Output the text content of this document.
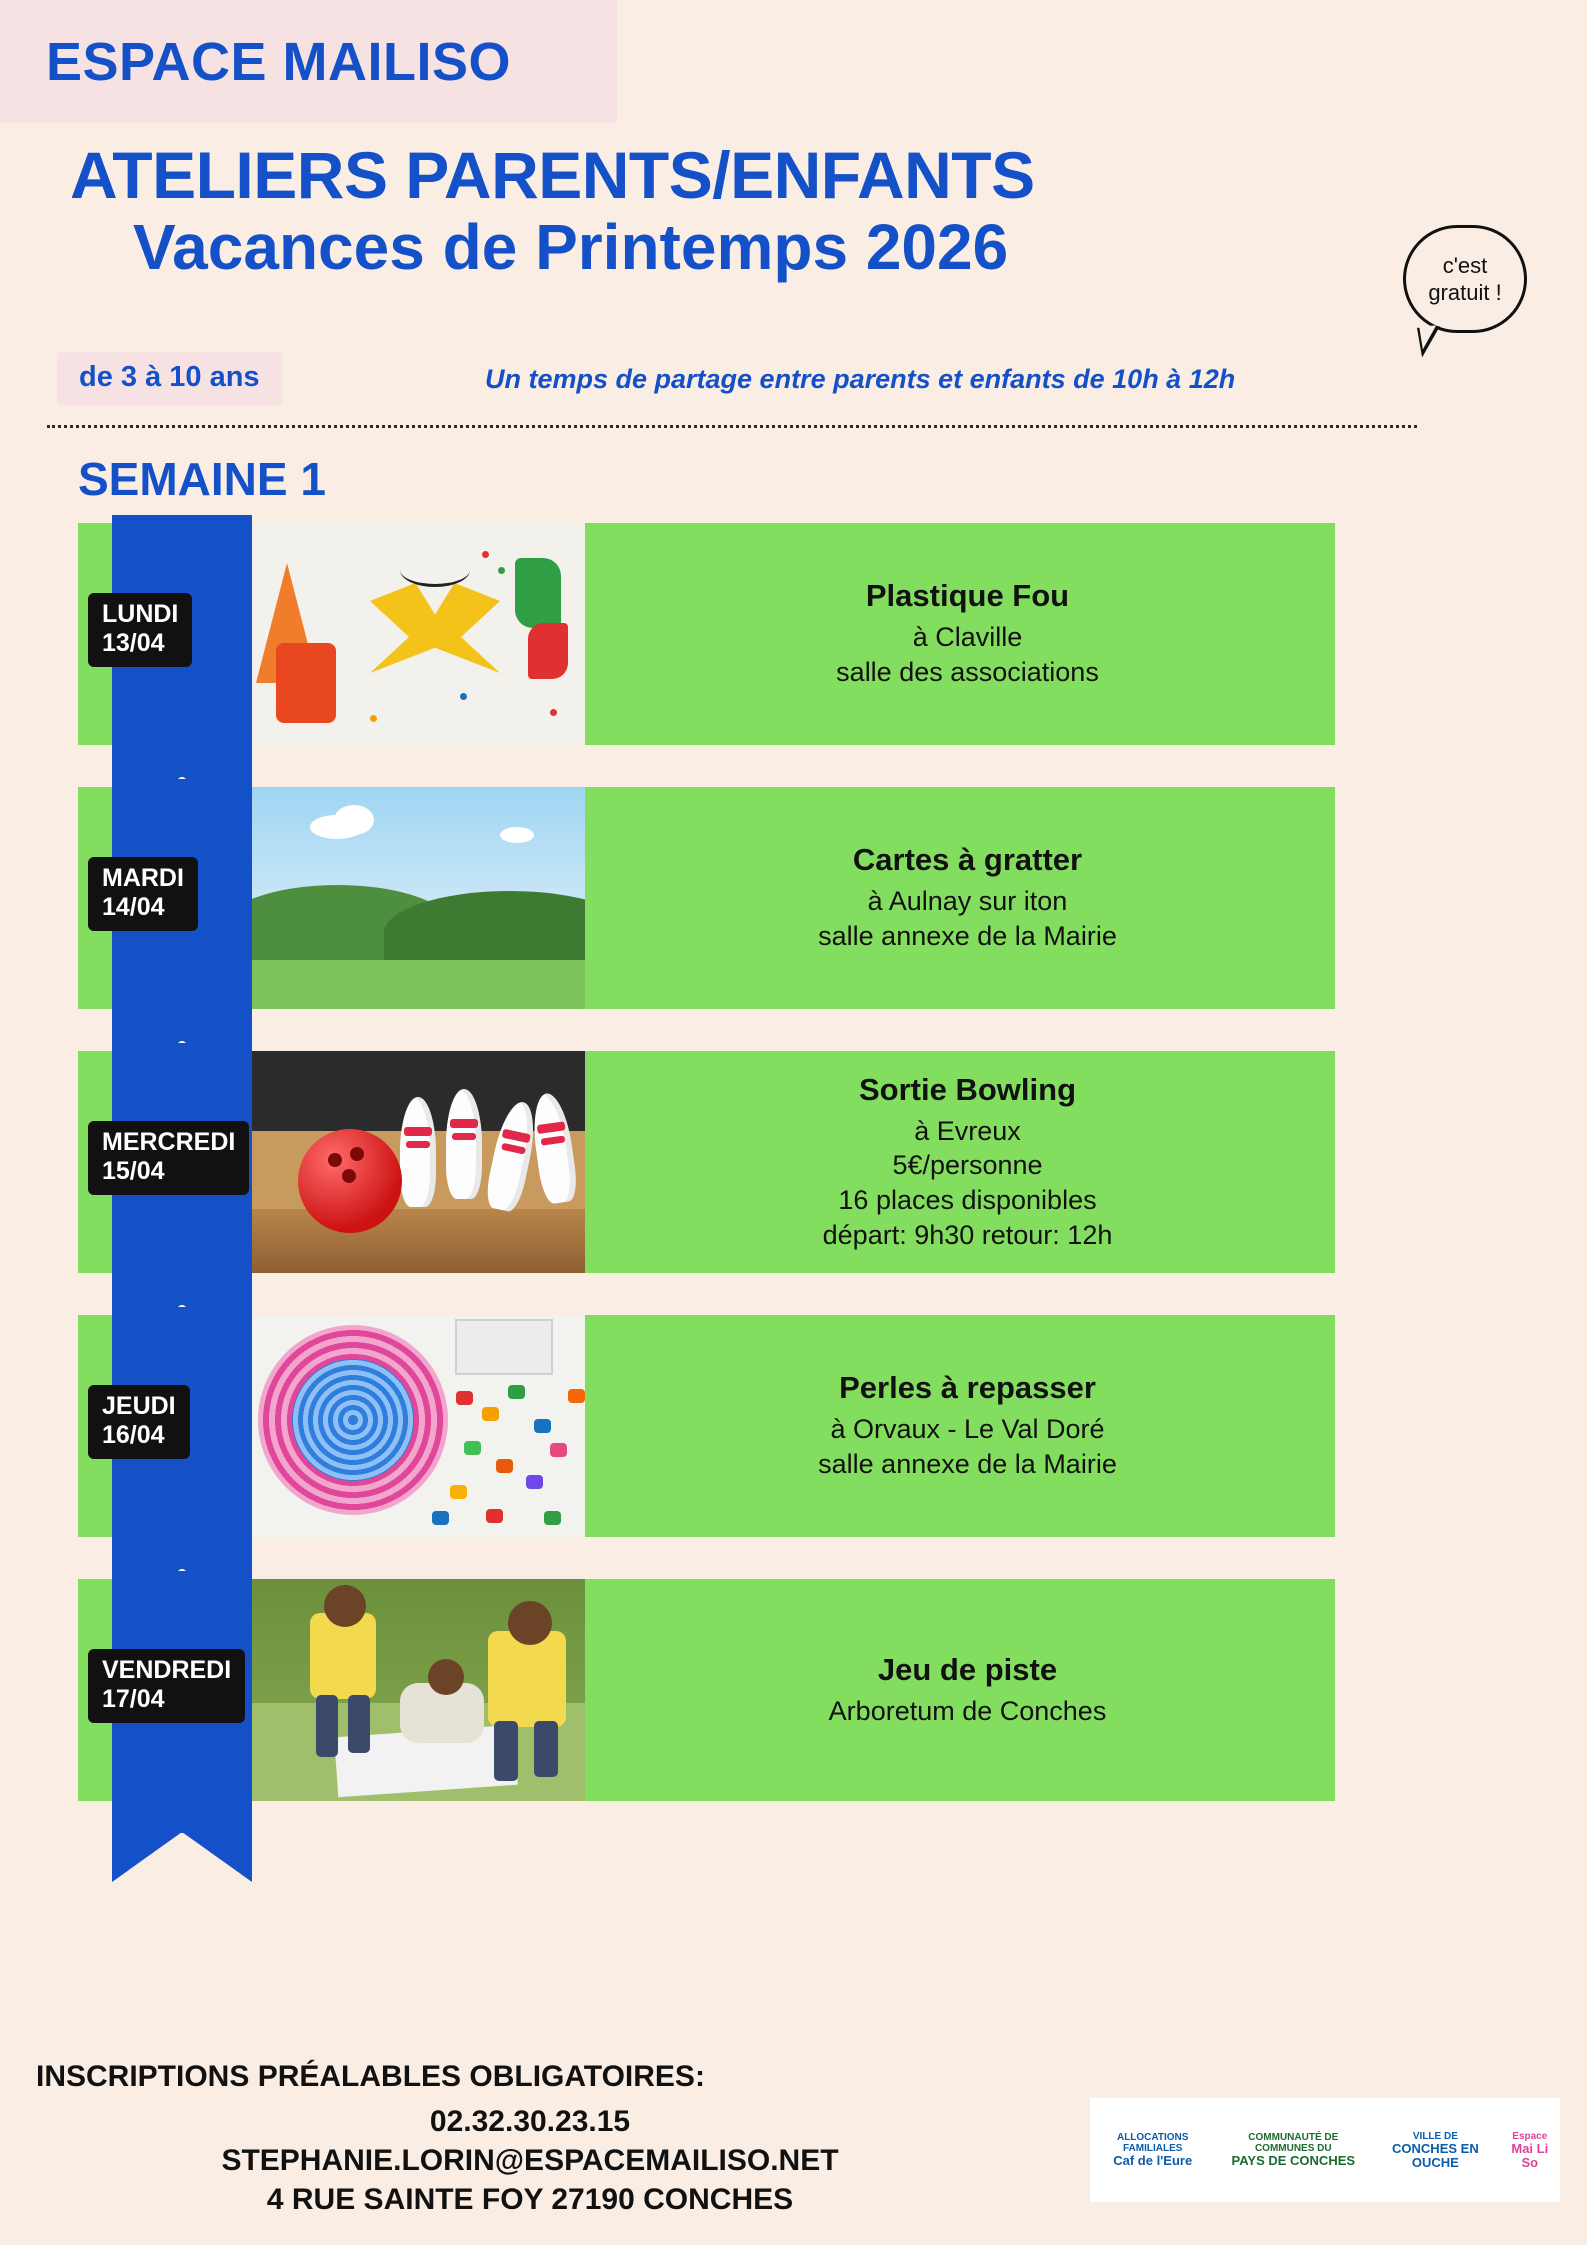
ESPACE MAILISO
ATELIERS PARENTS/ENFANTS
Vacances de Printemps 2026
de 3 à 10 ans	Un temps de partage entre parents et enfants de 10h à 12h
c'est
gratuit !
SEMAINE 1
LUNDI
13/04
Plastique Fou
à Claville
salle des associations
MARDI
14/04
Cartes à gratter
à Aulnay sur iton
salle annexe de la Mairie
MERCREDI
15/04
Sortie Bowling
à Evreux
5€/personne
16 places disponibles
départ: 9h30 retour: 12h
JEUDI
16/04
Perles à repasser
à Orvaux - Le Val Doré
salle annexe de la Mairie
VENDREDI
17/04
Jeu de piste
Arboretum de Conches
INSCRIPTIONS PRÉALABLES OBLIGATOIRES:
02.32.30.23.15
STEPHANIE.LORIN@ESPACEMAILISO.NET
4 RUE SAINTE FOY 27190 CONCHES
ALLOCATIONS FAMILIALES
Caf de l'Eure
COMMUNAUTÉ DE COMMUNES DU
PAYS DE CONCHES
VILLE DE
CONCHES EN OUCHE
Espace
Mai Li So
